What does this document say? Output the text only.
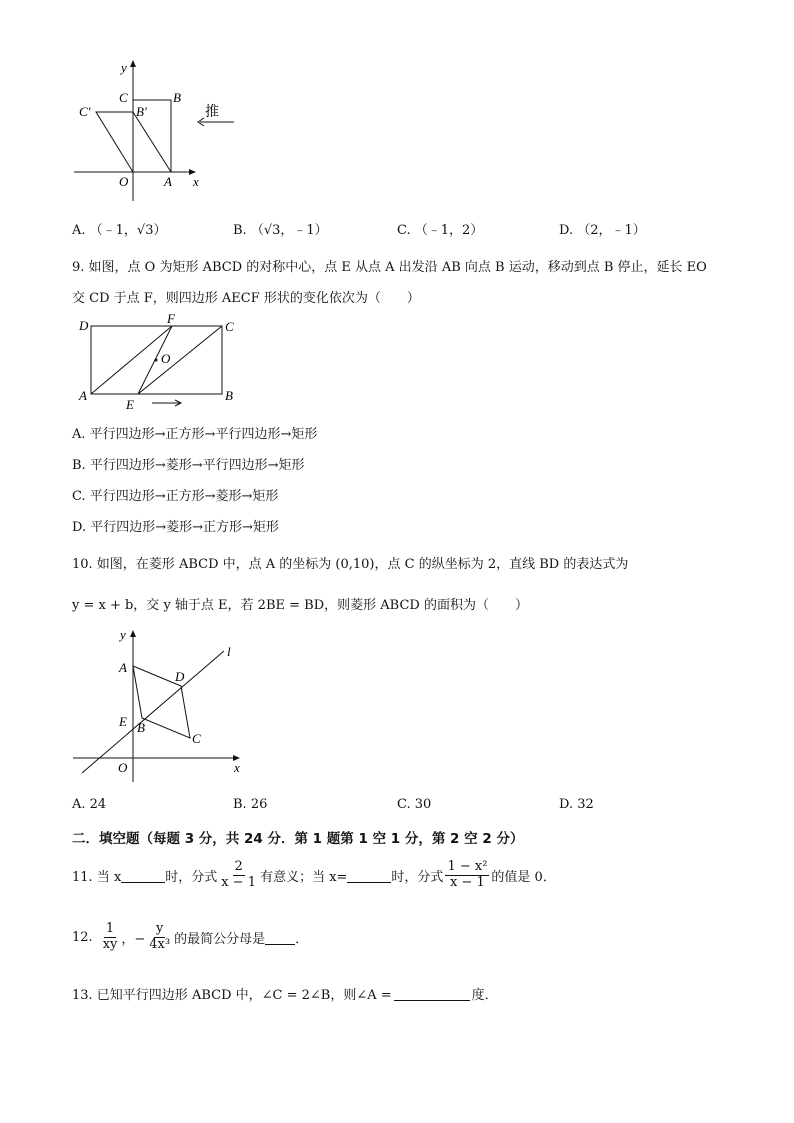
y
C	B
C′	B′
O	A x
推
A. （﹣1，√3）	B. （√3，﹣1）	C. （﹣1，2）	D. （2，﹣1）
9. 如图，点 O 为矩形 ABCD 的对称中心，点 E 从点 A 出发沿 AB 向点 B 运动，移动到点 B 停止，延长 EO
交 CD 于点 F，则四边形 AECF 形状的变化依次为（　　）
D	F
C
O
A
E
B
A. 平行四边形→正方形→平行四边形→矩形
B. 平行四边形→菱形→平行四边形→矩形
C. 平行四边形→正方形→菱形→矩形
D. 平行四边形→菱形→正方形→矩形
10. 如图，在菱形 ABCD 中，点 A 的坐标为 (0,10)，点 C 的纵坐标为 2，直线 BD 的表达式为
y = x + b，交 y 轴于点 E，若 2BE = BD，则菱形 ABCD 的面积为（　　）
y
l
A
D
E B
C
O	x
A. 24	B. 26	C. 30	D. 32
二．填空题（每题 3 分，共 24 分．第 1 题第 1 空 1 分，第 2 空 2 分）
11. 当 x	时，分式 $\frac{2}{x - 1}$ 有意义；当 x=	时，分式 $\frac{\text{1 − x²}}{x - 1}$ 的值是 0．
12. $\frac{1}{xy}$ ，− $\frac{y}{\text{4x³}}$ 的最简公分母是 ．
13. 已知平行四边形 ABCD 中，∠C = 2∠B，则∠A =	度．
